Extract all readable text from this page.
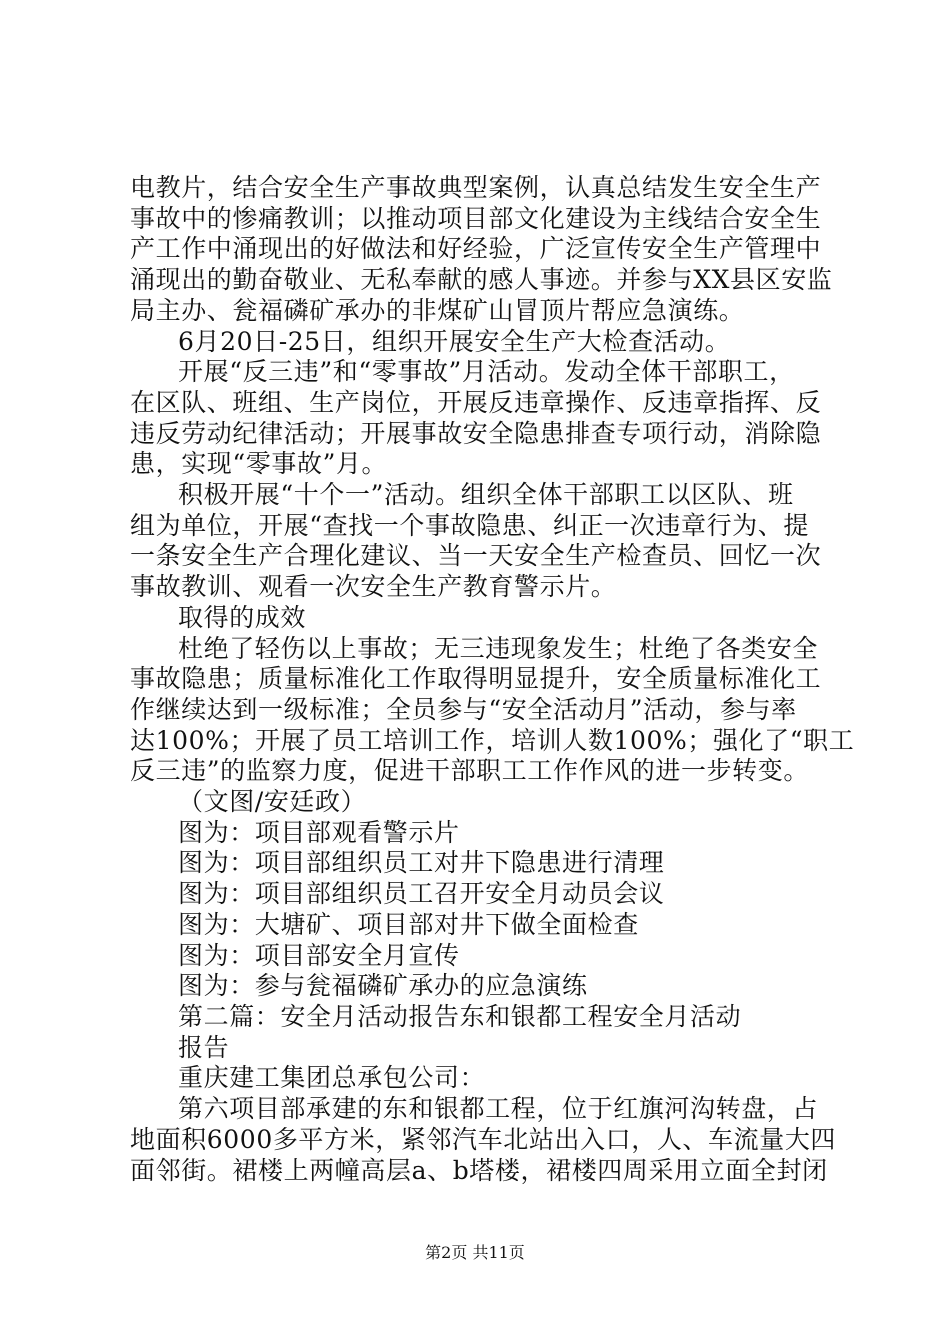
电教片，结合安全生产事故典型案例，认真总结发生安全生产

事故中的惨痛教训；以推动项目部文化建设为主线结合安全生

产工作中涌现出的好做法和好经验，广泛宣传安全生产管理中

涌现出的勤奋敬业、无私奉献的感人事迹。并参与XX县区安监

局主办、瓮福磷矿承办的非煤矿山冒顶片帮应急演练。

6月20日-25日，组织开展安全生产大检查活动。

开展“反三违”和“零事故”月活动。发动全体干部职工，

在区队、班组、生产岗位，开展反违章操作、反违章指挥、反

违反劳动纪律活动；开展事故安全隐患排查专项行动，消除隐

患，实现“零事故”月。

积极开展“十个一”活动。组织全体干部职工以区队、班

组为单位，开展“查找一个事故隐患、纠正一次违章行为、提

一条安全生产合理化建议、当一天安全生产检查员、回忆一次

事故教训、观看一次安全生产教育警示片。

取得的成效

杜绝了轻伤以上事故；无三违现象发生；杜绝了各类安全

事故隐患；质量标准化工作取得明显提升，安全质量标准化工

作继续达到一级标准；全员参与“安全活动月”活动，参与率

达100%；开展了员工培训工作，培训人数100%；强化了“职工

反三违”的监察力度，促进干部职工工作作风的进一步转变。

（文图/安廷政）

图为：项目部观看警示片

图为：项目部组织员工对井下隐患进行清理

图为：项目部组织员工召开安全月动员会议

图为：大塘矿、项目部对井下做全面检查

图为：项目部安全月宣传

图为：参与瓮福磷矿承办的应急演练

第二篇：安全月活动报告东和银都工程安全月活动

报告

重庆建工集团总承包公司：

第六项目部承建的东和银都工程，位于红旗河沟转盘，占

地面积6000多平方米，紧邻汽车北站出入口，人、车流量大四

面邻街。裙楼上两幢高层a、b塔楼，裙楼四周采用立面全封闭

第2页 共11页
